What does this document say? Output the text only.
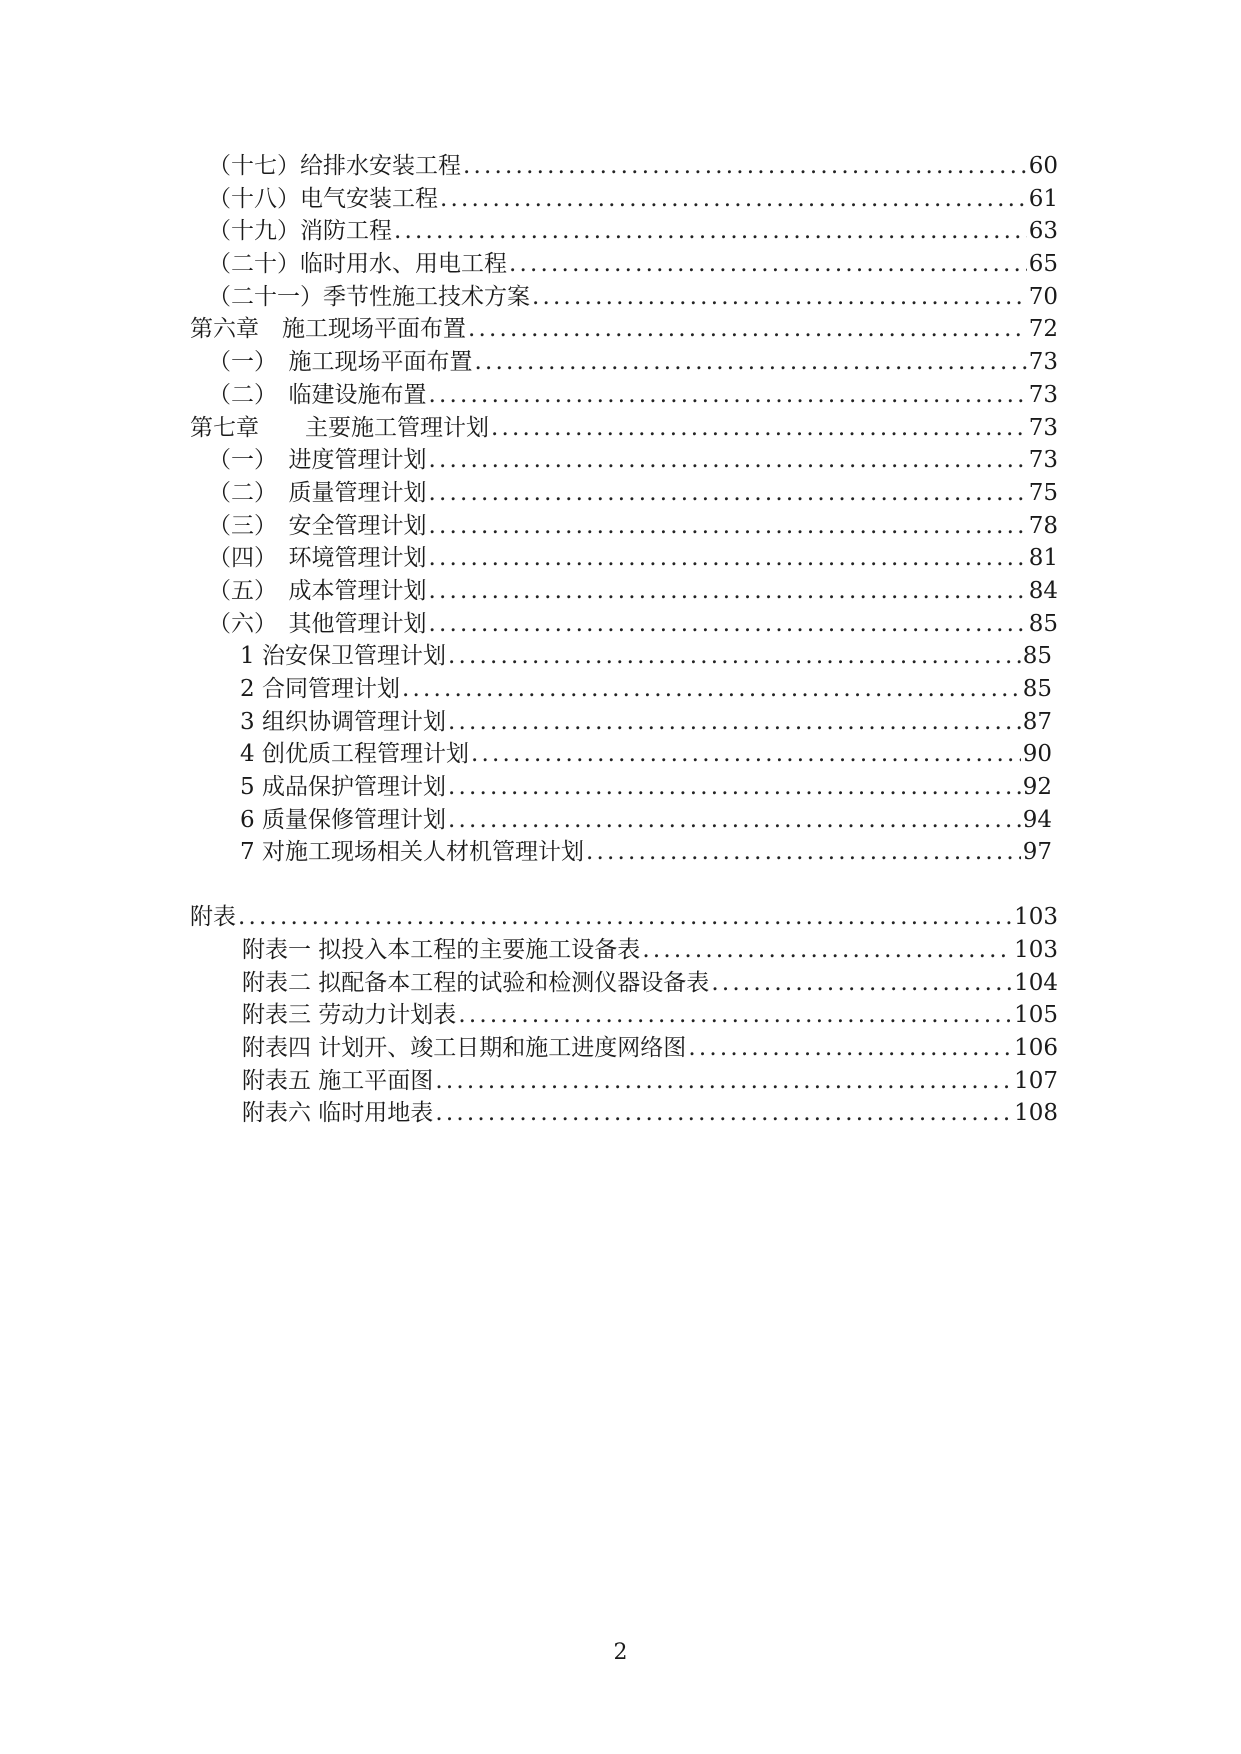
（十七）给排水安装工程 .....	60
（十八）电气安装工程 .....	61
（十九）消防工程 .....	63
（二十）临时用水、用电工程 .....	65
（二十一）季节性施工技术方案 .....	70
第六章　施工现场平面布置 .....	72
（一）　施工现场平面布置 .....	73
（二）　临建设施布置 .....	73
第七章　　主要施工管理计划 .....	73
（一）　进度管理计划 .....	73
（二）　质量管理计划 .....	75
（三）　安全管理计划 .....	78
（四）　环境管理计划 .....	81
（五）　成本管理计划 .....	84
（六）　其他管理计划 .....	85
1 治安保卫管理计划 .....	85
2 合同管理计划 .....	85
3 组织协调管理计划 .....	87
4 创优质工程管理计划 .....	90
5 成品保护管理计划 .....	92
6 质量保修管理计划 .....	94
7 对施工现场相关人材机管理计划 .....	97
附表 .....	103
附表一 拟投入本工程的主要施工设备表 .....	103
附表二 拟配备本工程的试验和检测仪器设备表 .....	104
附表三 劳动力计划表 .....	105
附表四 计划开、竣工日期和施工进度网络图 .....	106
附表五 施工平面图 .....	107
附表六 临时用地表 .....	108
2
